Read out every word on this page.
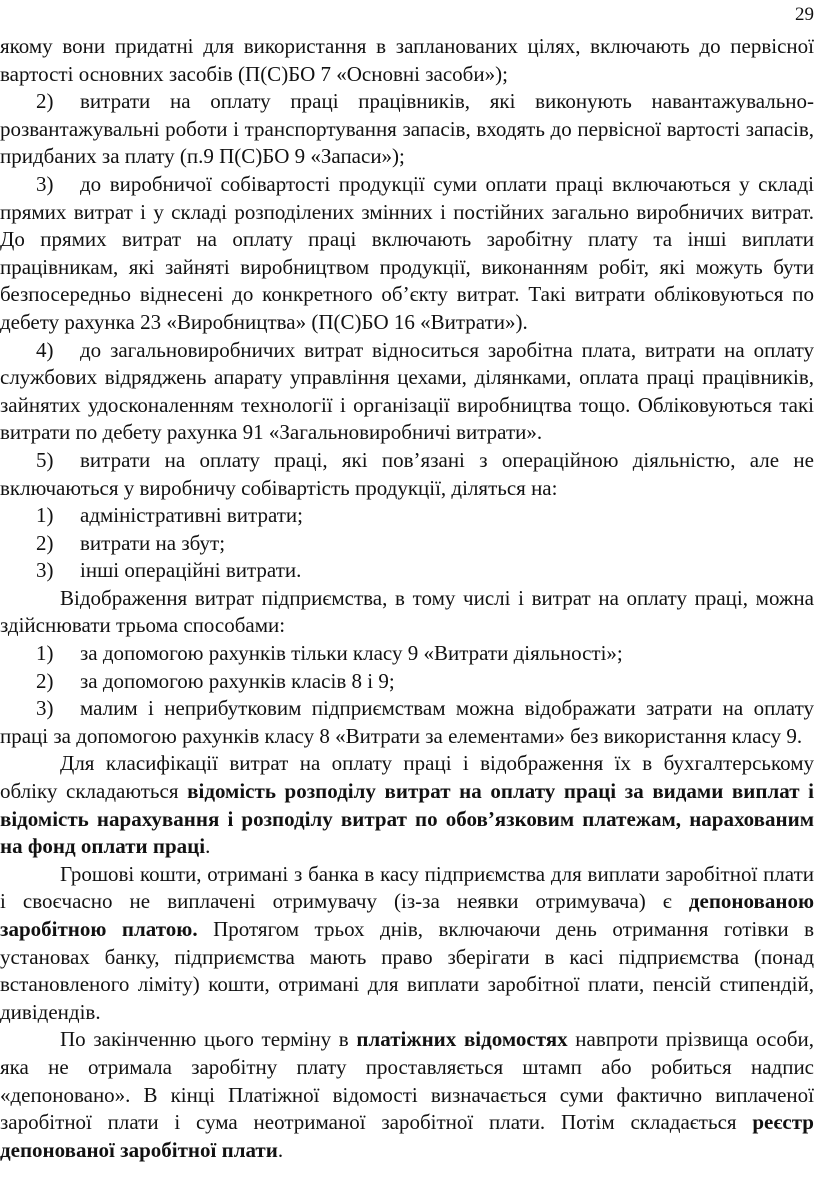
29

якому вони придатні для використання в запланованих цілях, включають до первісної вартості основних засобів (П(С)БО 7 «Основні засоби»);

2) витрати на оплату праці працівників, які виконують навантажувально-розвантажувальні роботи і транспортування запасів, входять до первісної вартості запасів, придбаних за плату (п.9 П(С)БО 9 «Запаси»);

3) до виробничої собівартості продукції суми оплати праці включаються у складі прямих витрат і у складі розподілених змінних і постійних загально виробничих витрат. До прямих витрат на оплату праці включають заробітну плату та інші виплати працівникам, які зайняті виробництвом продукції, виконанням робіт, які можуть бути безпосередньо віднесені до конкретного об’єкту витрат. Такі витрати обліковуються по дебету рахунка 23 «Виробництва» (П(С)БО 16 «Витрати»).

4) до загальновиробничих витрат відноситься заробітна плата, витрати на оплату службових відряджень апарату управління цехами, ділянками, оплата праці працівників, зайнятих удосконаленням технології і організації виробництва тощо. Обліковуються такі витрати по дебету рахунка 91 «Загальновиробничі витрати».

5) витрати на оплату праці, які пов’язані з операційною діяльністю, але не включаються у виробничу собівартість продукції, діляться на:

1) адміністративні витрати;

2) витрати на збут;

3) інші операційні витрати.

Відображення витрат підприємства, в тому числі і витрат на оплату праці, можна здійснювати трьома способами:

1) за допомогою рахунків тільки класу 9 «Витрати діяльності»;

2) за допомогою рахунків класів 8 і 9;

3) малим і неприбутковим підприємствам можна відображати затрати на оплату праці за допомогою рахунків класу 8 «Витрати за елементами» без використання класу 9.

Для класифікації витрат на оплату праці і відображення їх в бухгалтерському обліку складаються відомість розподілу витрат на оплату праці за видами виплат і відомість нарахування і розподілу витрат по обов’язковим платежам, нарахованим на фонд оплати праці.

Грошові кошти, отримані з банка в касу підприємства для виплати заробітної плати і своєчасно не виплачені отримувачу (із-за неявки отримувача) є депонованою заробітною платою. Протягом трьох днів, включаючи день отримання готівки в установах банку, підприємства мають право зберігати в касі підприємства (понад встановленого ліміту) кошти, отримані для виплати заробітної плати, пенсій стипендій, дивідендів.

По закінченню цього терміну в платіжних відомостях навпроти прізвища особи, яка не отримала заробітну плату проставляється штамп або робиться надпис «депоновано». В кінці Платіжної відомості визначається суми фактично виплаченої заробітної плати і сума неотриманої заробітної плати. Потім складається реєстр депонованої заробітної плати.
